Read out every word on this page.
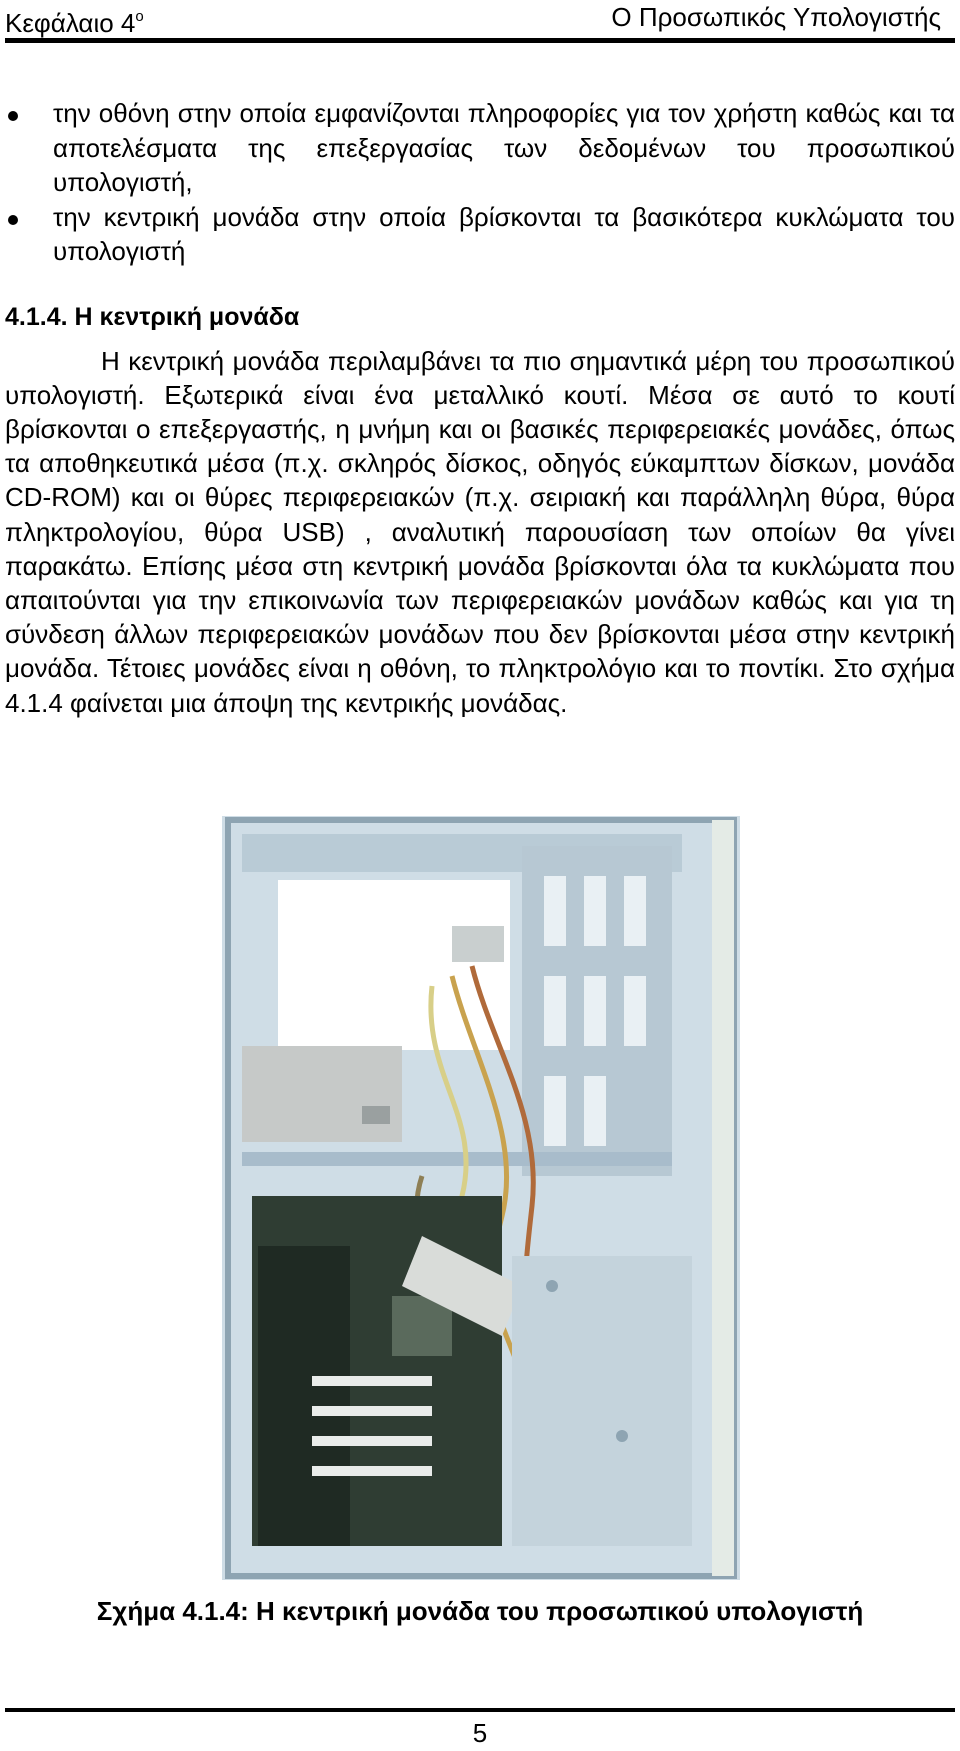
Κεφάλαιο $4^o$	Ο Προσωπικός Υπολογιστής
την οθόνη στην οποία εμφανίζονται πληροφορίες για τον χρήστη καθώς και τα αποτελέσματα της επεξεργασίας των δεδομένων του προσωπικού υπολογιστή,
την κεντρική μονάδα στην οποία βρίσκονται τα βασικότερα κυκλώματα του υπολογιστή
4.1.4. Η κεντρική μονάδα
Η κεντρική μονάδα περιλαμβάνει τα πιο σημαντικά μέρη του προσωπικού υπολογιστή. Εξωτερικά είναι ένα μεταλλικό κουτί. Μέσα σε αυτό το κουτί βρίσκονται ο επεξεργαστής, η μνήμη και οι βασικές περιφερειακές μονάδες, όπως τα αποθηκευτικά μέσα (π.χ. σκληρός δίσκος, οδηγός εύκαμπτων δίσκων, μονάδα CD-ROM) και οι θύρες περιφερειακών (π.χ. σειριακή και παράλληλη θύρα, θύρα πληκτρολογίου, θύρα USB) , αναλυτική παρουσίαση των οποίων θα γίνει παρακάτω. Επίσης μέσα στη κεντρική μονάδα βρίσκονται όλα τα κυκλώματα που απαιτούνται για την επικοινωνία των περιφερειακών μονάδων καθώς και για τη σύνδεση άλλων περιφερειακών μονάδων που δεν βρίσκονται μέσα στην κεντρική μονάδα. Τέτοιες μονάδες είναι η οθόνη, το πληκτρολόγιο και το ποντίκι. Στο σχήμα 4.1.4 φαίνεται μια άποψη της κεντρικής μονάδας.
Σχήμα 4.1.4: Η κεντρική μονάδα του προσωπικού υπολογιστή
5
